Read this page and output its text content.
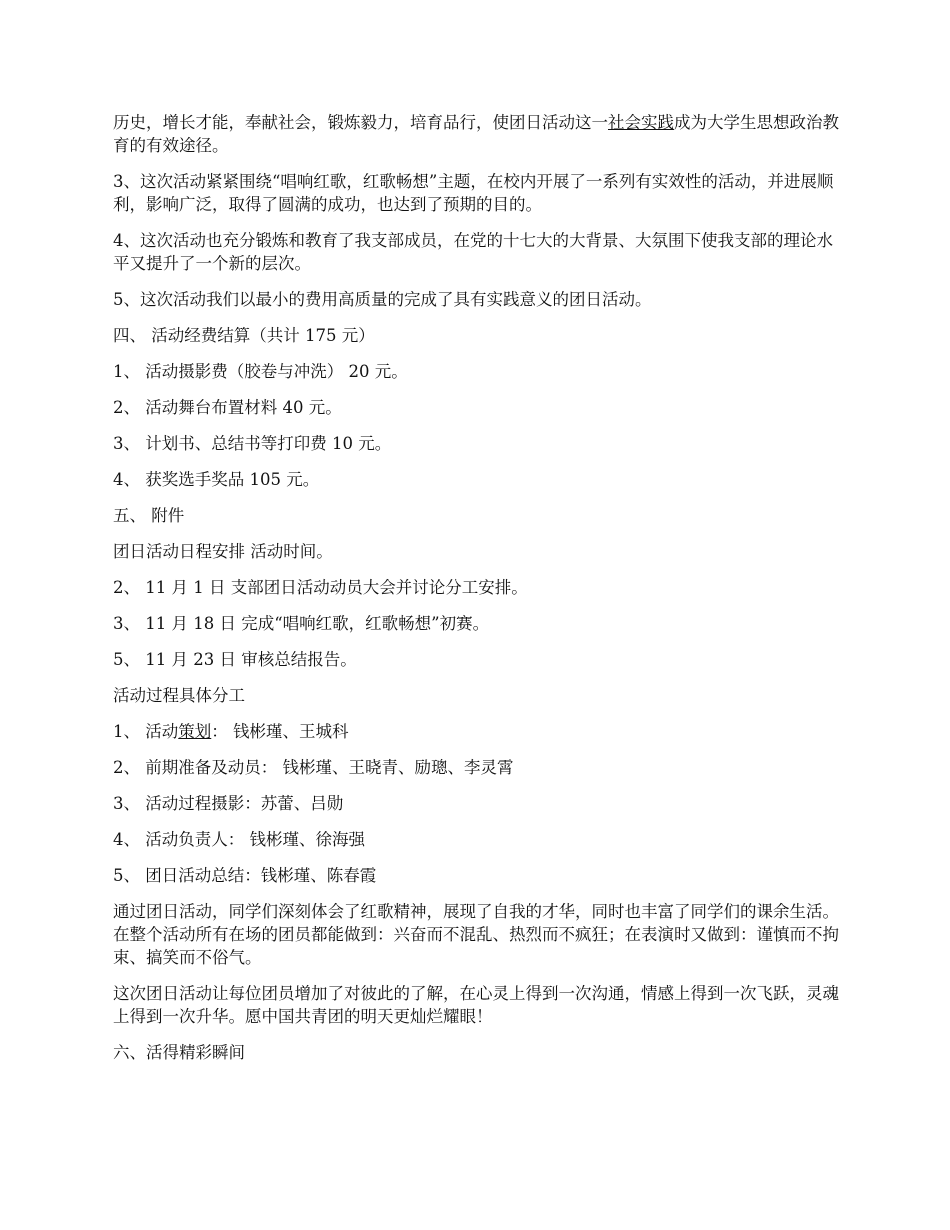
历史，增长才能，奉献社会，锻炼毅力，培育品行，使团日活动这一社会实践成为大学生思想政治教育的有效途径。

3、这次活动紧紧围绕“唱响红歌，红歌畅想”主题，在校内开展了一系列有实效性的活动，并进展顺利，影响广泛，取得了圆满的成功，也达到了预期的目的。

4、这次活动也充分锻炼和教育了我支部成员，在党的十七大的大背景、大氛围下使我支部的理论水平又提升了一个新的层次。

5、这次活动我们以最小的费用高质量的完成了具有实践意义的团日活动。

四、 活动经费结算（共计 175 元）

1、 活动摄影费（胶卷与冲洗） 20 元。

2、 活动舞台布置材料 40 元。

3、 计划书、总结书等打印费 10 元。

4、 获奖选手奖品 105 元。

五、 附件

团日活动日程安排 活动时间。

2、 11 月 1 日 支部团日活动动员大会并讨论分工安排。

3、 11 月 18 日 完成“唱响红歌，红歌畅想”初赛。

5、 11 月 23 日 审核总结报告。

活动过程具体分工

1、 活动策划： 钱彬瑾、王城科

2、 前期准备及动员： 钱彬瑾、王晓青、励璁、李灵霄

3、 活动过程摄影：苏蕾、吕勋

4、 活动负责人： 钱彬瑾、徐海强

5、 团日活动总结：钱彬瑾、陈春霞

通过团日活动，同学们深刻体会了红歌精神，展现了自我的才华，同时也丰富了同学们的课余生活。在整个活动所有在场的团员都能做到：兴奋而不混乱、热烈而不疯狂；在表演时又做到：谨慎而不拘束、搞笑而不俗气。

这次团日活动让每位团员增加了对彼此的了解，在心灵上得到一次沟通，情感上得到一次飞跃，灵魂上得到一次升华。愿中国共青团的明天更灿烂耀眼！

六、活得精彩瞬间
